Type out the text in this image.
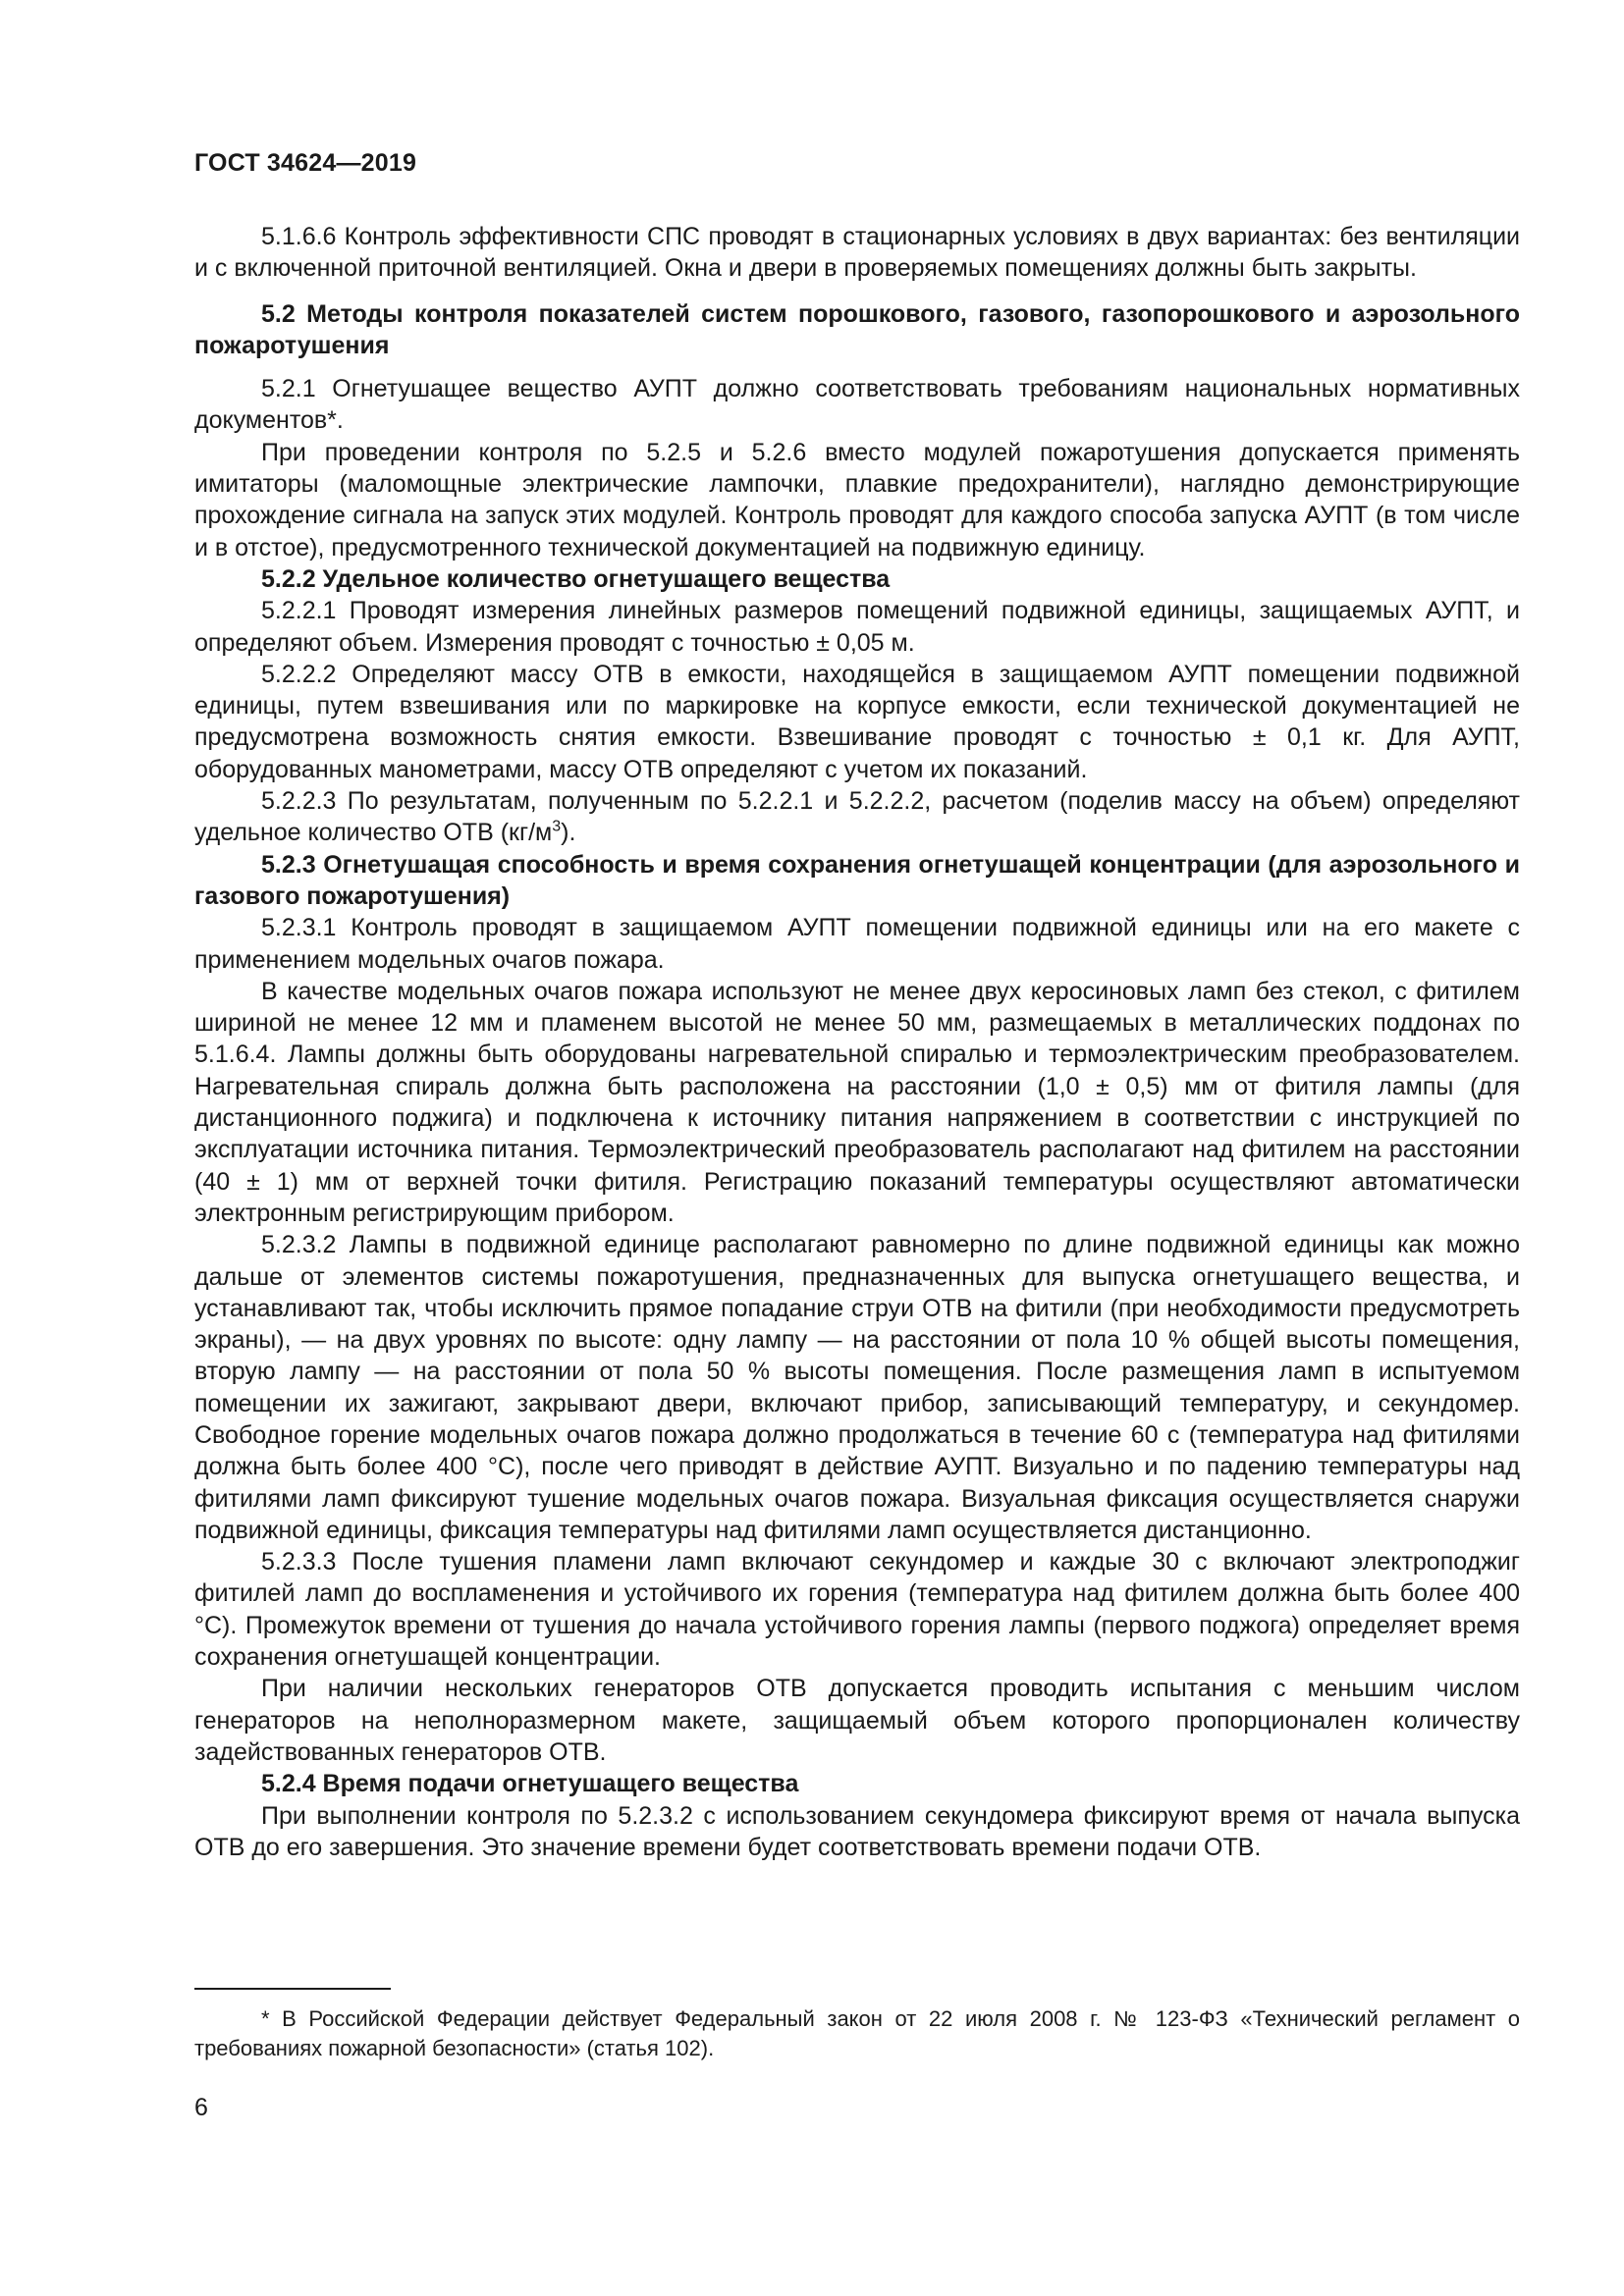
ГОСТ 34624—2019

5.1.6.6 Контроль эффективности СПС проводят в стационарных условиях в двух вариантах: без вентиляции и с включенной приточной вентиляцией. Окна и двери в проверяемых помещениях должны быть закрыты.

5.2 Методы контроля показателей систем порошкового, газового, газопорошкового и аэрозольного пожаротушения

5.2.1 Огнетушащее вещество АУПТ должно соответствовать требованиям национальных нормативных документов*.

При проведении контроля по 5.2.5 и 5.2.6 вместо модулей пожаротушения допускается применять имитаторы (маломощные электрические лампочки, плавкие предохранители), наглядно демонстрирующие прохождение сигнала на запуск этих модулей. Контроль проводят для каждого способа запуска АУПТ (в том числе и в отстое), предусмотренного технической документацией на подвижную единицу.

5.2.2 Удельное количество огнетушащего вещества

5.2.2.1 Проводят измерения линейных размеров помещений подвижной единицы, защищаемых АУПТ, и определяют объем. Измерения проводят с точностью ± 0,05 м.

5.2.2.2 Определяют массу ОТВ в емкости, находящейся в защищаемом АУПТ помещении подвижной единицы, путем взвешивания или по маркировке на корпусе емкости, если технической документацией не предусмотрена возможность снятия емкости. Взвешивание проводят с точностью ± 0,1 кг. Для АУПТ, оборудованных манометрами, массу ОТВ определяют с учетом их показаний.

5.2.2.3 По результатам, полученным по 5.2.2.1 и 5.2.2.2, расчетом (поделив массу на объем) определяют удельное количество ОТВ $(кг/м^3)$.

5.2.3 Огнетушащая способность и время сохранения огнетушащей концентрации (для аэрозольного и газового пожаротушения)

5.2.3.1 Контроль проводят в защищаемом АУПТ помещении подвижной единицы или на его макете с применением модельных очагов пожара.

В качестве модельных очагов пожара используют не менее двух керосиновых ламп без стекол, с фитилем шириной не менее 12 мм и пламенем высотой не менее 50 мм, размещаемых в металлических поддонах по 5.1.6.4. Лампы должны быть оборудованы нагревательной спиралью и термоэлектрическим преобразователем. Нагревательная спираль должна быть расположена на расстоянии (1,0 ± 0,5) мм от фитиля лампы (для дистанционного поджига) и подключена к источнику питания напряжением в соответствии с инструкцией по эксплуатации источника питания. Термоэлектрический преобразователь располагают над фитилем на расстоянии (40 ± 1) мм от верхней точки фитиля. Регистрацию показаний температуры осуществляют автоматически электронным регистрирующим прибором.

5.2.3.2 Лампы в подвижной единице располагают равномерно по длине подвижной единицы как можно дальше от элементов системы пожаротушения, предназначенных для выпуска огнетушащего вещества, и устанавливают так, чтобы исключить прямое попадание струи ОТВ на фитили (при необходимости предусмотреть экраны), — на двух уровнях по высоте: одну лампу — на расстоянии от пола 10 % общей высоты помещения, вторую лампу — на расстоянии от пола 50 % высоты помещения. После размещения ламп в испытуемом помещении их зажигают, закрывают двери, включают прибор, записывающий температуру, и секундомер. Свободное горение модельных очагов пожара должно продолжаться в течение 60 с (температура над фитилями должна быть более 400 °С), после чего приводят в действие АУПТ. Визуально и по падению температуры над фитилями ламп фиксируют тушение модельных очагов пожара. Визуальная фиксация осуществляется снаружи подвижной единицы, фиксация температуры над фитилями ламп осуществляется дистанционно.

5.2.3.3 После тушения пламени ламп включают секундомер и каждые 30 с включают электроподжиг фитилей ламп до воспламенения и устойчивого их горения (температура над фитилем должна быть более 400 °С). Промежуток времени от тушения до начала устойчивого горения лампы (первого поджога) определяет время сохранения огнетушащей концентрации.

При наличии нескольких генераторов ОТВ допускается проводить испытания с меньшим числом генераторов на неполноразмерном макете, защищаемый объем которого пропорционален количеству задействованных генераторов ОТВ.

5.2.4 Время подачи огнетушащего вещества

При выполнении контроля по 5.2.3.2 с использованием секундомера фиксируют время от начала выпуска ОТВ до его завершения. Это значение времени будет соответствовать времени подачи ОТВ.

* В Российской Федерации действует Федеральный закон от 22 июля 2008 г. № 123-ФЗ «Технический регламент о требованиях пожарной безопасности» (статья 102).

6
